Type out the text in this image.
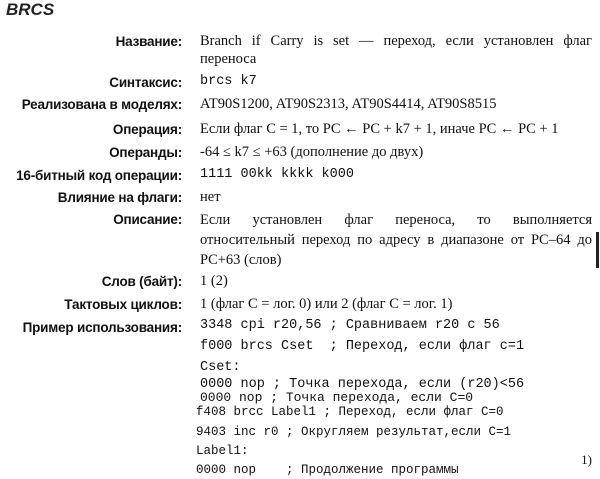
BRCS
Название: Branch if Carry is set — переход, если установлен флаг переноса
Синтаксис: brcs k7
Реализована в моделях: AT90S1200, AT90S2313, AT90S4414, AT90S8515
Операция: Если флаг С = 1, то PC ← PC + k7 + 1, иначе PC ← PC + 1
Операнды: -64 ≤ k7 ≤ +63 (дополнение до двух)
16-битный код операции: 1111 00kk kkkk k000
Влияние на флаги: нет
Описание: Если установлен флаг переноса, то выполняется относительный переход по адресу в диапазоне от PC–64 до PC+63 (слов)
Слов (байт): 1 (2)
Тактовых циклов: 1 (флаг С = лог. 0) или 2 (флаг С = лог. 1)
Пример использования: 3348 cpi r20,56 ; Сравниваем r20 с 56
f000 brcs Cset  ; Переход, если флаг с=1
Cset:
0000 nop ; Точка перехода, если (r20)<56
0000 nop ; Точка перехода, если C=0
f408 brcc Label1 ; Переход, если флаг C=0
9403 inc r0 ; Округляем результат,если C=1
Label1:
0000 nop    ; Продолжение программы
1)
